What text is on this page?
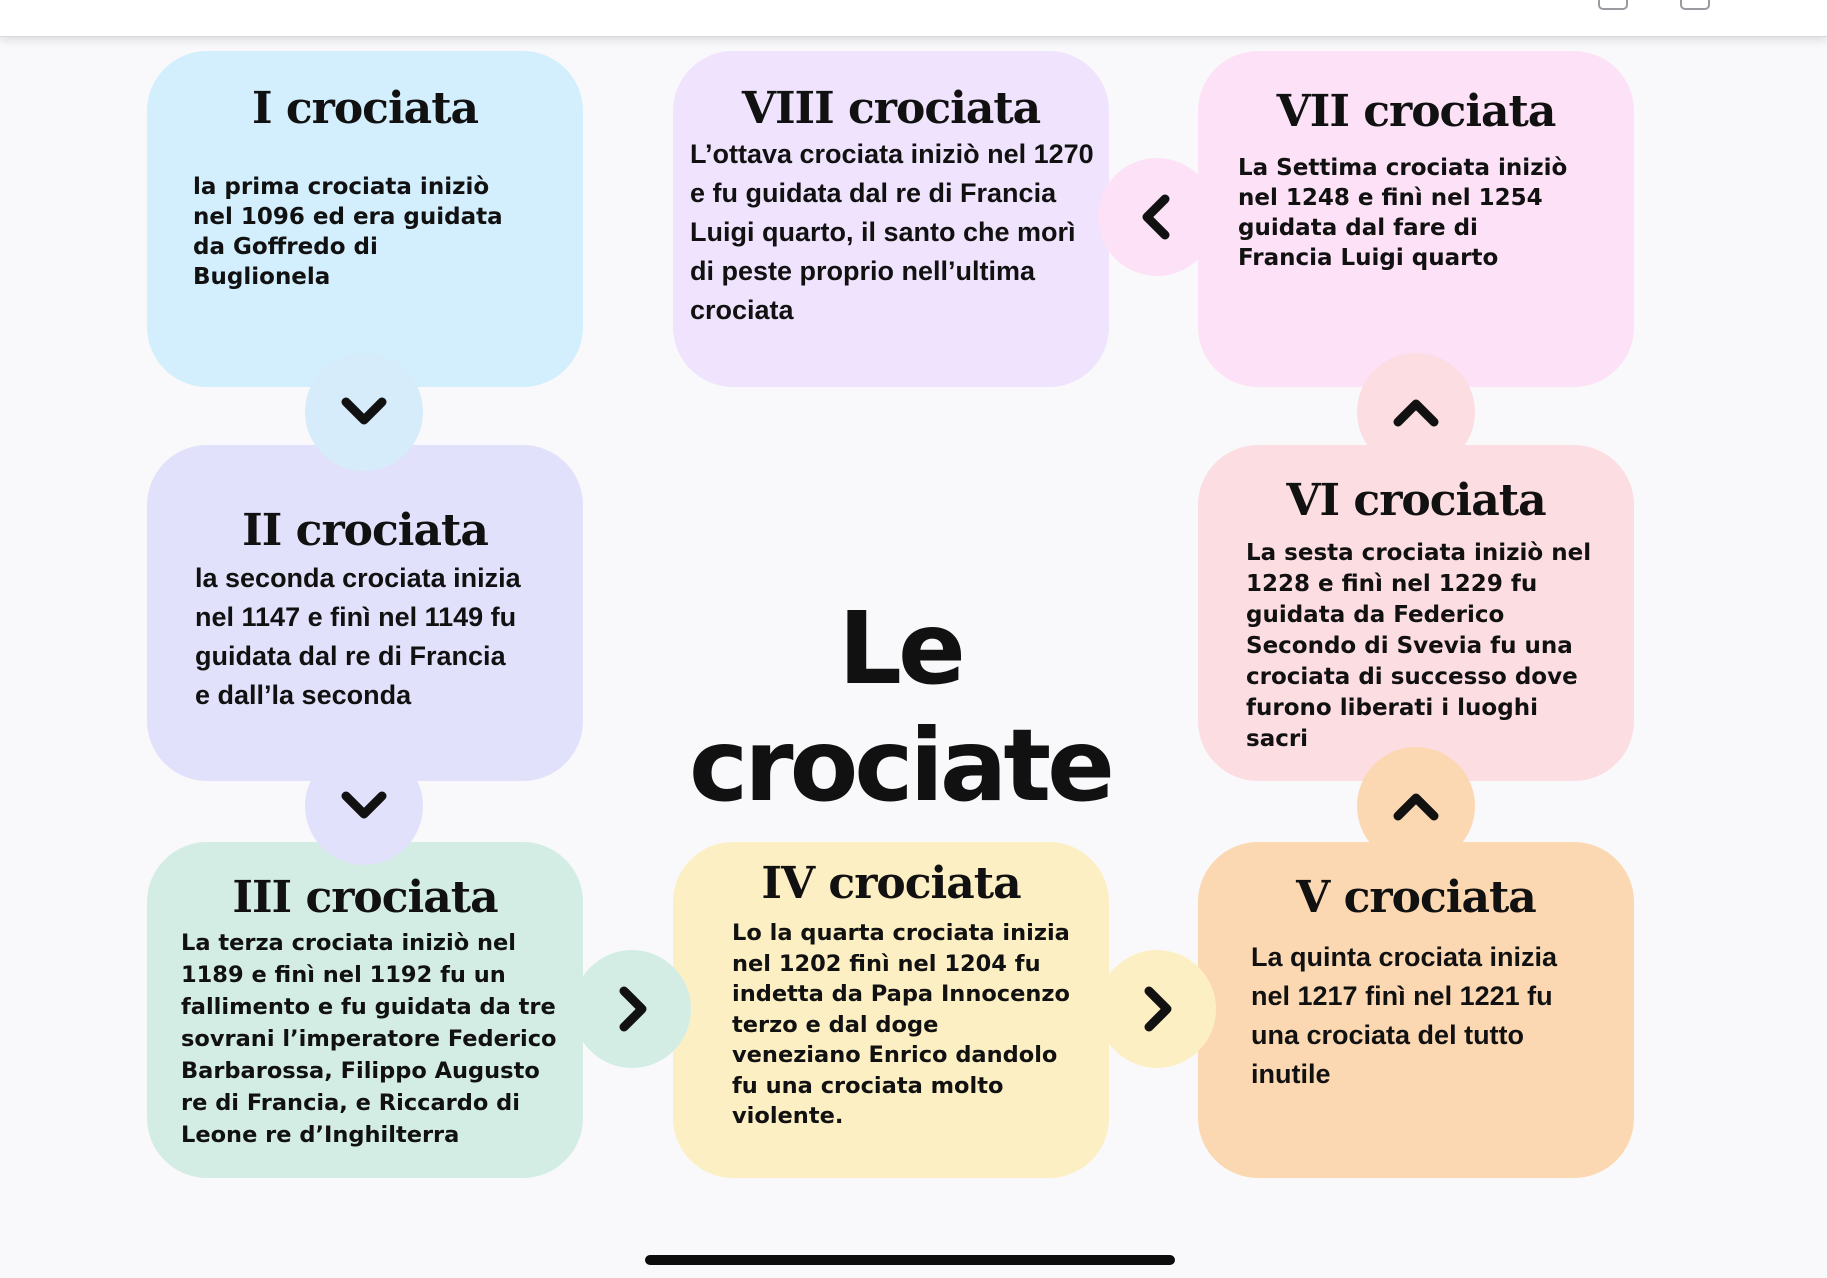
I crociata

la prima crociata iniziò nel 1096 ed era guidata da Goffredo di Buglionela

VIII crociata

L’ottava crociata iniziò nel 1270 e fu guidata dal re di Francia Luigi quarto, il santo che morì di peste proprio nell’ultima crociata

VII crociata

La Settima crociata iniziò nel 1248 e finì nel 1254 guidata dal fare di Francia Luigi quarto

II crociata

la seconda crociata inizia nel 1147 e finì nel 1149 fu guidata dal re di Francia e dall’la seconda

VI crociata

La sesta crociata iniziò nel 1228 e finì nel 1229 fu guidata da Federico Secondo di Svevia fu una crociata di successo dove furono liberati i luoghi sacri

III crociata

La terza crociata iniziò nel 1189 e finì nel 1192 fu un fallimento e fu guidata da tre sovrani l’imperatore Federico Barbarossa, Filippo Augusto re di Francia, e Riccardo di Leone re d’Inghilterra

IV crociata

Lo la quarta crociata inizia nel 1202 finì nel 1204 fu indetta da Papa Innocenzo terzo e dal doge veneziano Enrico dandolo fu una crociata molto violente.

V crociata

La quinta crociata inizia nel 1217 finì nel 1221 fu una crociata del tutto inutile

Le crociate
